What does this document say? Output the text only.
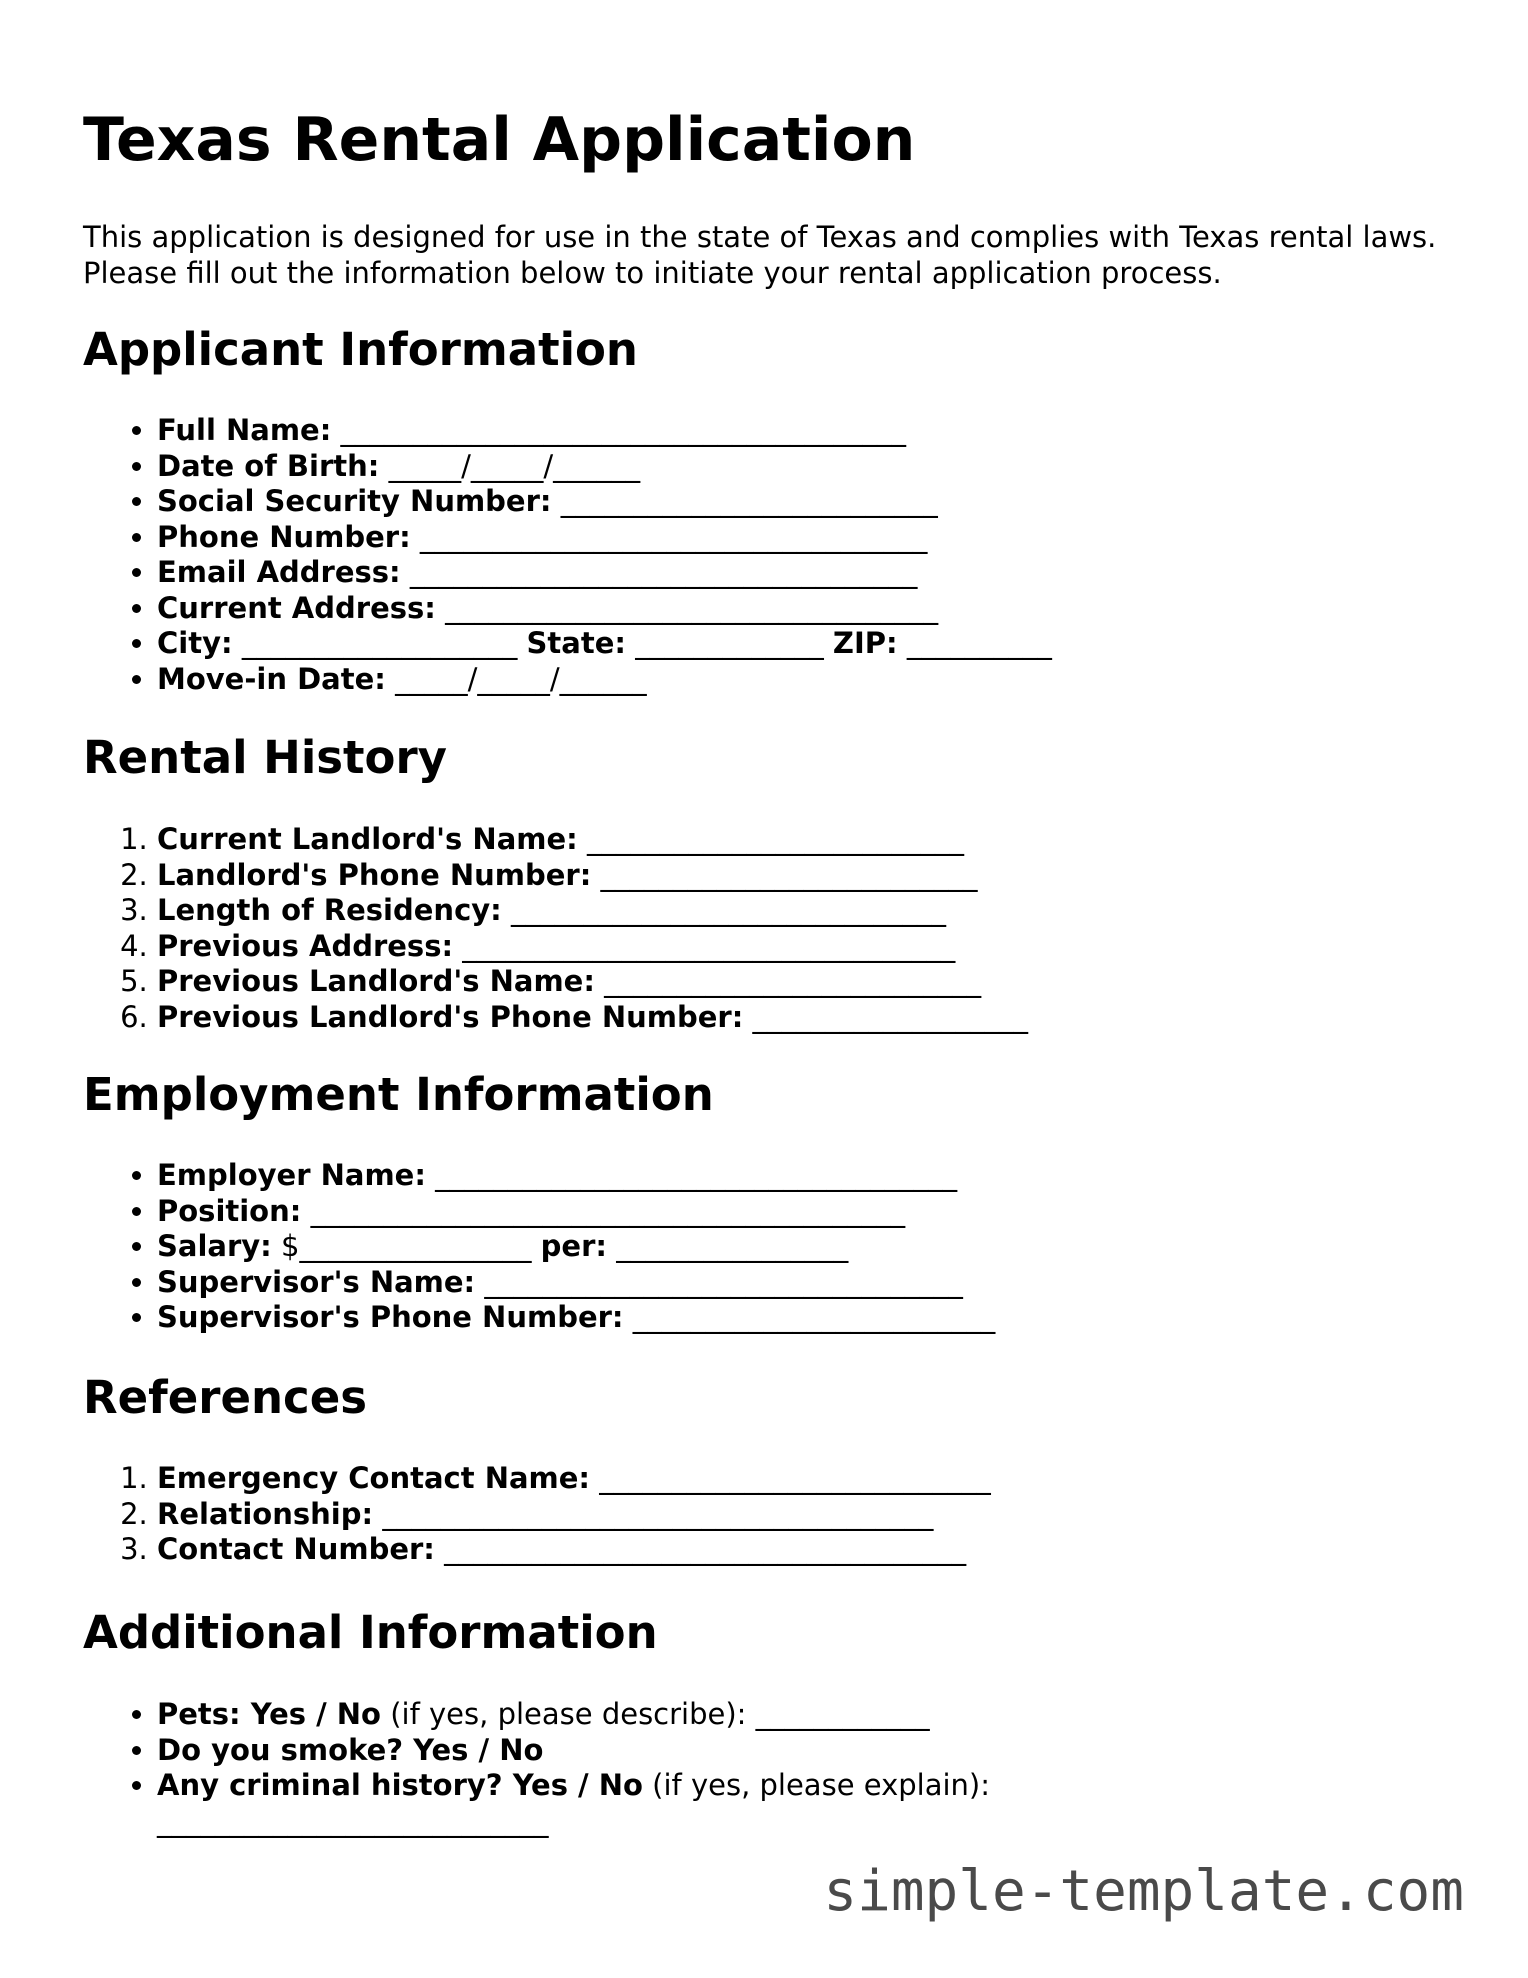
Texas Rental Application

This application is designed for use in the state of Texas and complies with Texas rental laws. Please fill out the information below to initiate your rental application process.

Applicant Information
• Full Name: _______________________________________
• Date of Birth: _____/_____/______
• Social Security Number: __________________________
• Phone Number: ___________________________________
• Email Address: ___________________________________
• Current Address: __________________________________
• City: ___________________ State: _____________ ZIP: __________
• Move-in Date: _____/_____/______
Rental History
1. Current Landlord's Name: __________________________
2. Landlord's Phone Number: __________________________
3. Length of Residency: ______________________________
4. Previous Address: __________________________________
5. Previous Landlord's Name: __________________________
6. Previous Landlord's Phone Number: ___________________
Employment Information
• Employer Name: ____________________________________
• Position: _________________________________________
• Salary: $________________ per: ________________
• Supervisor's Name: _________________________________
• Supervisor's Phone Number: _________________________
References
1. Emergency Contact Name: ___________________________
2. Relationship: ______________________________________
3. Contact Number: ____________________________________
Additional Information
• Pets: Yes / No (if yes, please describe): ____________
• Do you smoke? Yes / No
• Any criminal history? Yes / No (if yes, please explain):
___________________________

simple-template.com
